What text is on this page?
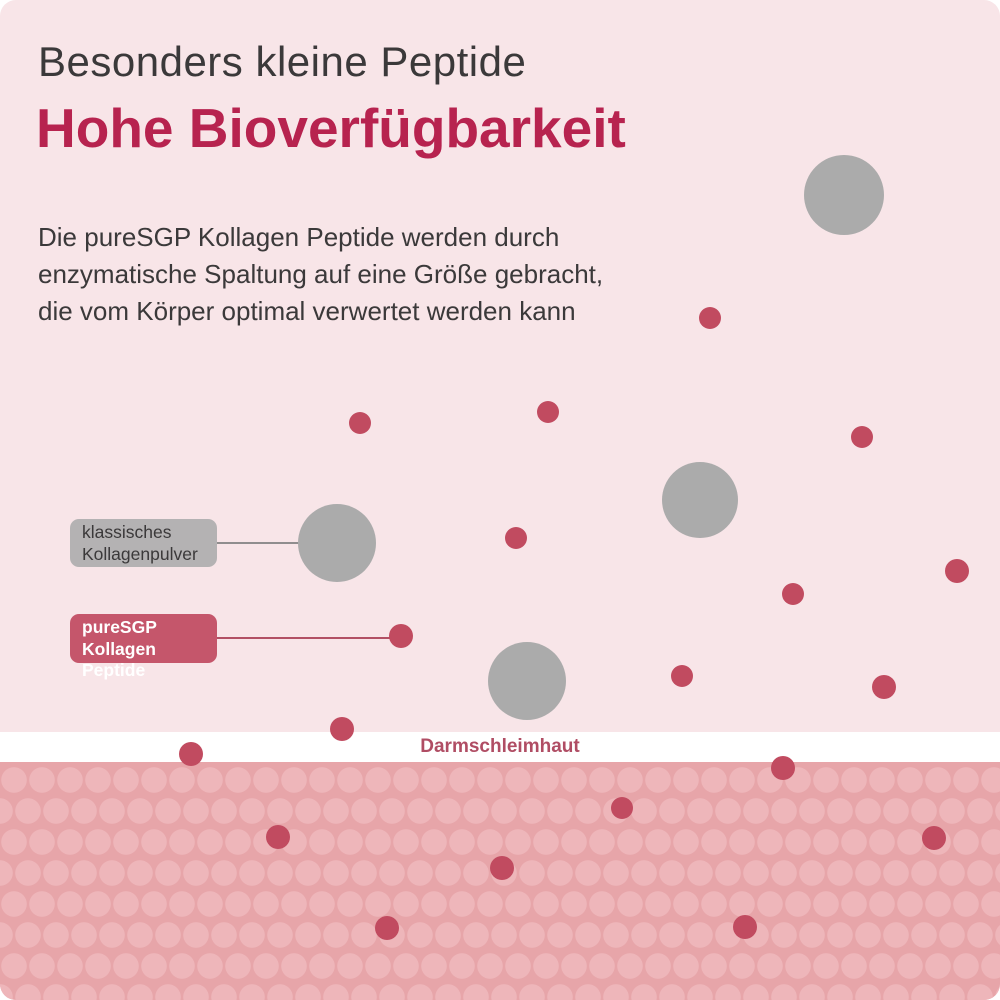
Besonders kleine Peptide
Hohe Bioverfügbarkeit
Die pureSGP Kollagen Peptide werden durch
enzymatische Spaltung auf eine Größe gebracht,
die vom Körper optimal verwertet werden kann
klassisches
Kollagenpulver
pureSGP
Kollagen Peptide
Darmschleimhaut
